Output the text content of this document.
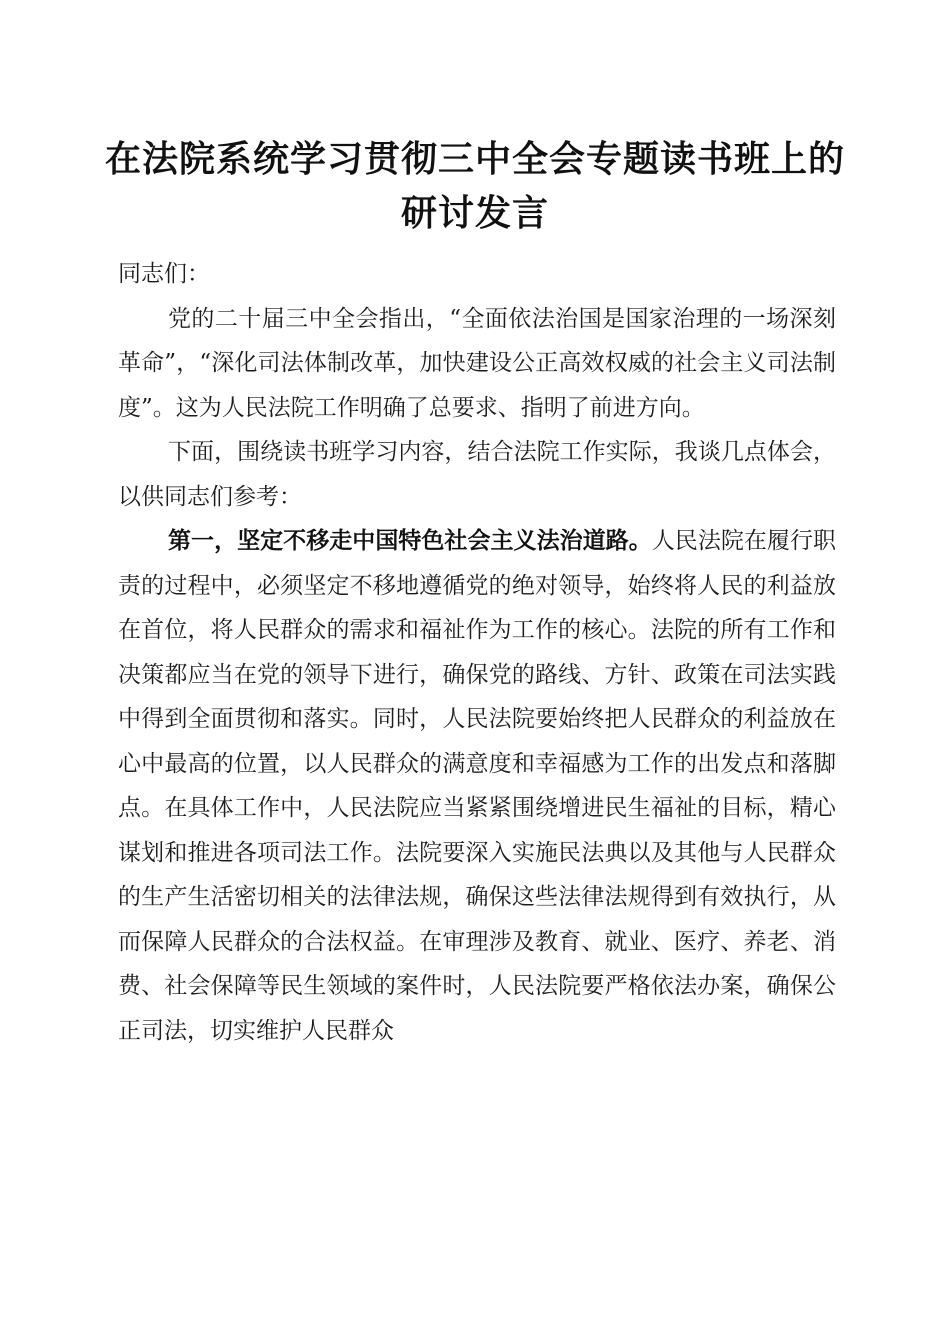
在法院系统学习贯彻三中全会专题读书班上的
研讨发言

同志们：

党的二十届三中全会指出，“全面依法治国是国家治理的一场深刻革命”，“深化司法体制改革，加快建设公正高效权威的社会主义司法制度”。这为人民法院工作明确了总要求、指明了前进方向。

下面，围绕读书班学习内容，结合法院工作实际，我谈几点体会，以供同志们参考：

第一，坚定不移走中国特色社会主义法治道路。人民法院在履行职责的过程中，必须坚定不移地遵循党的绝对领导，始终将人民的利益放在首位，将人民群众的需求和福祉作为工作的核心。法院的所有工作和决策都应当在党的领导下进行，确保党的路线、方针、政策在司法实践中得到全面贯彻和落实。同时，人民法院要始终把人民群众的利益放在心中最高的位置，以人民群众的满意度和幸福感为工作的出发点和落脚点。在具体工作中，人民法院应当紧紧围绕增进民生福祉的目标，精心谋划和推进各项司法工作。法院要深入实施民法典以及其他与人民群众的生产生活密切相关的法律法规，确保这些法律法规得到有效执行，从而保障人民群众的合法权益。在审理涉及教育、就业、医疗、养老、消费、社会保障等民生领域的案件时，人民法院要严格依法办案，确保公正司法，切实维护人民群众
